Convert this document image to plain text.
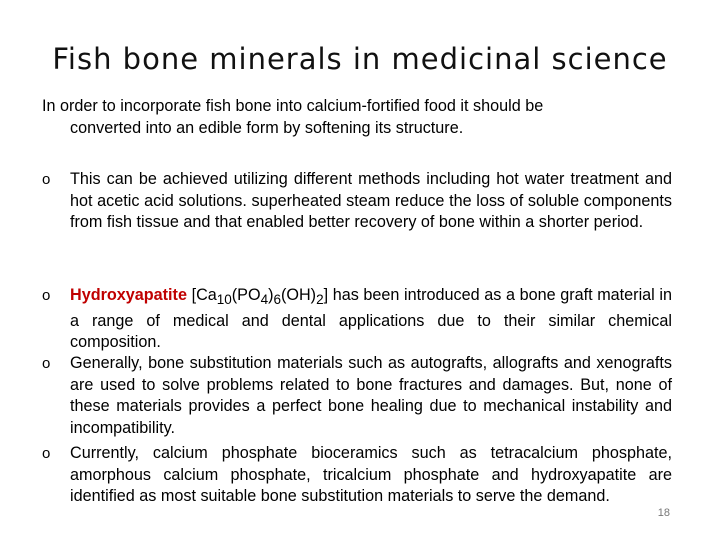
Fish bone minerals in medicinal science
In order to incorporate fish bone into calcium-fortified food it should be
converted into an edible form by softening its structure.
o	This can be achieved utilizing different methods including hot water treatment and hot acetic acid solutions. superheated steam reduce the loss of soluble components from fish tissue and that enabled better recovery of bone within a shorter period.
o	Hydroxyapatite $[Ca_{10}(PO_4)_6(OH)_2]$ has been introduced as a bone graft material in a range of medical and dental applications due to their similar chemical composition.
o	Generally, bone substitution materials such as autografts, allografts and xenografts are used to solve problems related to bone fractures and damages. But, none of these materials provides a perfect bone healing due to mechanical instability and incompatibility.
o	Currently, calcium phosphate bioceramics such as tetracalcium phosphate, amorphous calcium phosphate, tricalcium phosphate and hydroxyapatite are identified as most suitable bone substitution materials to serve the demand.
18
